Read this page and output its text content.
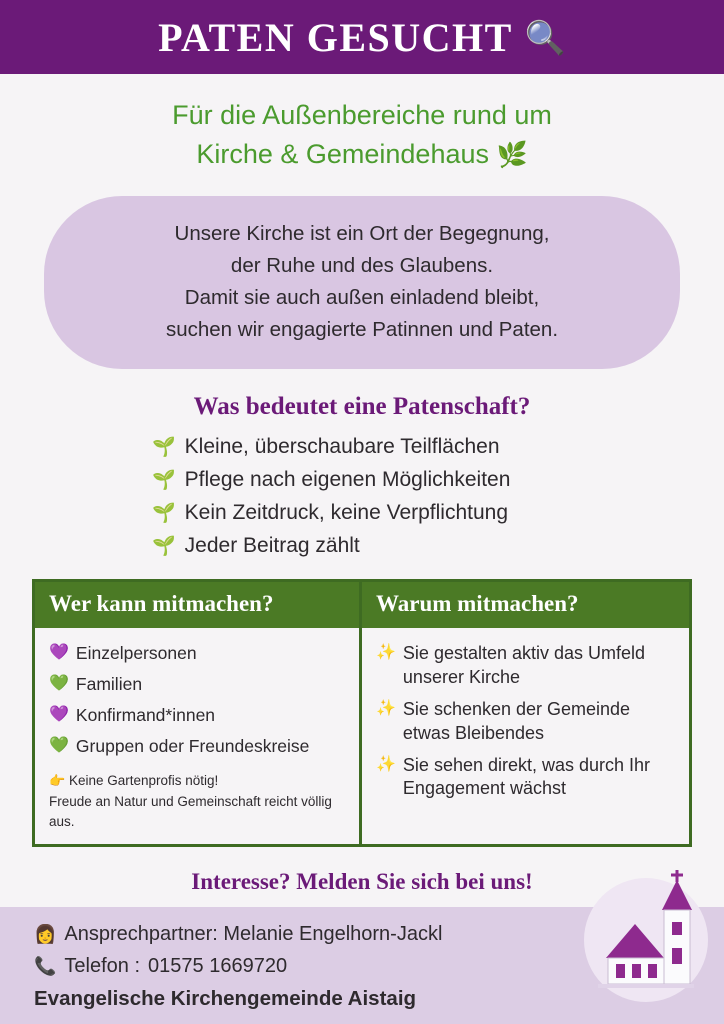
PATEN GESUCHT 🔍
Für die Außenbereiche rund um
Kirche & Gemeindehaus 🌿
Unsere Kirche ist ein Ort der Begegnung,
der Ruhe und des Glaubens.
Damit sie auch außen einladend bleibt,
suchen wir engagierte Patinnen und Paten.
Was bedeutet eine Patenschaft?
🌱 Kleine, überschaubare Teilflächen
🌱 Pflege nach eigenen Möglichkeiten
🌱 Kein Zeitdruck, keine Verpflichtung
🌱 Jeder Beitrag zählt
Wer kann mitmachen?
💜 Einzelpersonen
💚 Familien
💜 Konfirmand*innen
💚 Gruppen oder Freundeskreise
👉 Keine Gartenprofis nötig!
Freude an Natur und Gemeinschaft reicht völlig aus.
Warum mitmachen?
✨ Sie gestalten aktiv das Umfeld unserer Kirche
✨ Sie schenken der Gemeinde etwas Bleibendes
✨ Sie sehen direkt, was durch Ihr Engagement wächst
Interesse? Melden Sie sich bei uns!
👩 Ansprechpartner: Melanie Engelhorn-Jackl
📞 Telefon : 01575 1669720
Evangelische Kirchengemeinde Aistaig
